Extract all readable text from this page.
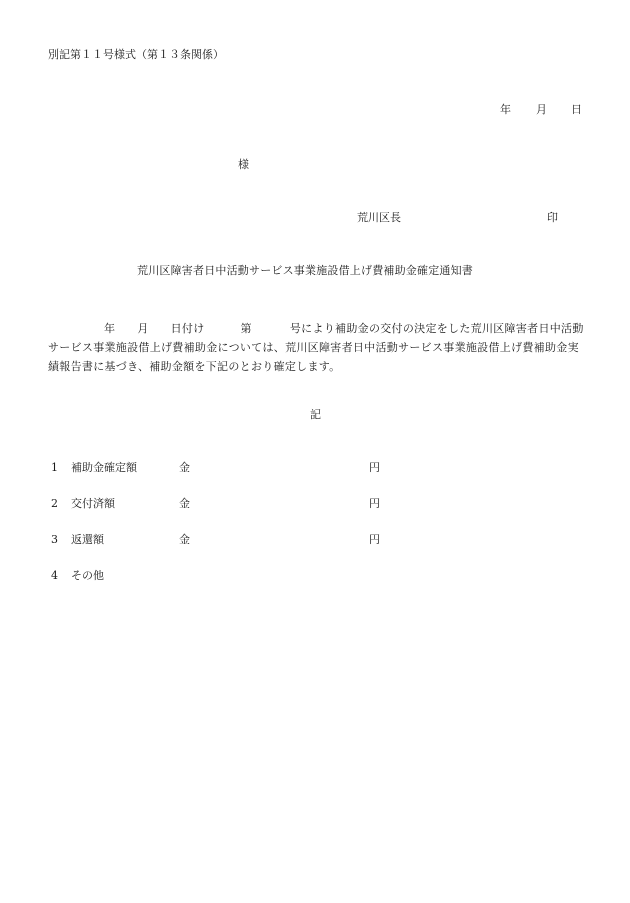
別記第１１号様式（第１３条関係）
年 月 日
様
荒川区長	印
荒川区障害者日中活動サービス事業施設借上げ費補助金確定通知書
年 月 日付け	第	号により補助金の交付の決定をした荒川区障害者日中活動サービス事業施設借上げ費補助金については、荒川区障害者日中活動サービス事業施設借上げ費補助金実績報告書に基づき、補助金額を下記のとおり確定します。
記
1 補助金確定額	金	円
2 交付済額	金	円
3 返還額	金	円
4 その他
